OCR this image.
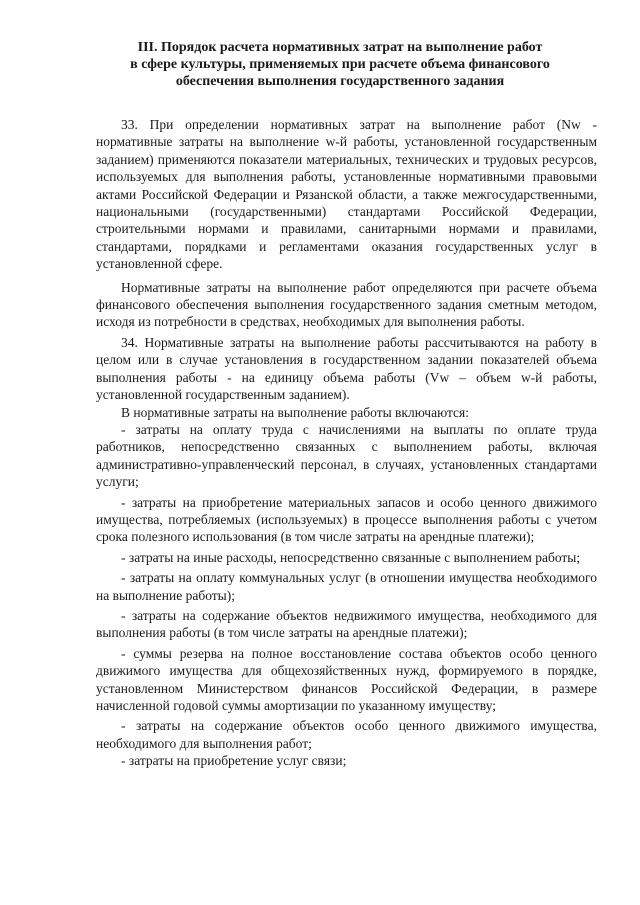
III. Порядок расчета нормативных затрат на выполнение работ
в сфере культуры, применяемых при расчете объема финансового
обеспечения выполнения государственного задания

33. При определении нормативных затрат на выполнение работ (Nw - нормативные затраты на выполнение w-й работы, установленной государственным заданием) применяются показатели материальных, технических и трудовых ресурсов, используемых для выполнения работы, установленные нормативными правовыми актами Российской Федерации и Рязанской области, а также межгосударственными, национальными (государственными) стандартами Российской Федерации, строительными нормами и правилами, санитарными нормами и правилами, стандартами, порядками и регламентами оказания государственных услуг в установленной сфере.

Нормативные затраты на выполнение работ определяются при расчете объема финансового обеспечения выполнения государственного задания сметным методом, исходя из потребности в средствах, необходимых для выполнения работы.

34. Нормативные затраты на выполнение работы рассчитываются на работу в целом или в случае установления в государственном задании показателей объема выполнения работы - на единицу объема работы (Vw – объем w-й работы, установленной государственным заданием).

В нормативные затраты на выполнение работы включаются:

- затраты на оплату труда с начислениями на выплаты по оплате труда работников, непосредственно связанных с выполнением работы, включая административно-управленческий персонал, в случаях, установленных стандартами услуги;

- затраты на приобретение материальных запасов и особо ценного движимого имущества, потребляемых (используемых) в процессе выполнения работы с учетом срока полезного использования (в том числе затраты на арендные платежи);

- затраты на иные расходы, непосредственно связанные с выполнением работы;

- затраты на оплату коммунальных услуг (в отношении имущества необходимого на выполнение работы);

- затраты на содержание объектов недвижимого имущества, необходимого для выполнения работы (в том числе затраты на арендные платежи);

- суммы резерва на полное восстановление состава объектов особо ценного движимого имущества для общехозяйственных нужд, формируемого в порядке, установленном Министерством финансов Российской Федерации, в размере начисленной годовой суммы амортизации по указанному имуществу;

- затраты на содержание объектов особо ценного движимого имущества, необходимого для выполнения работ;

- затраты на приобретение услуг связи;
